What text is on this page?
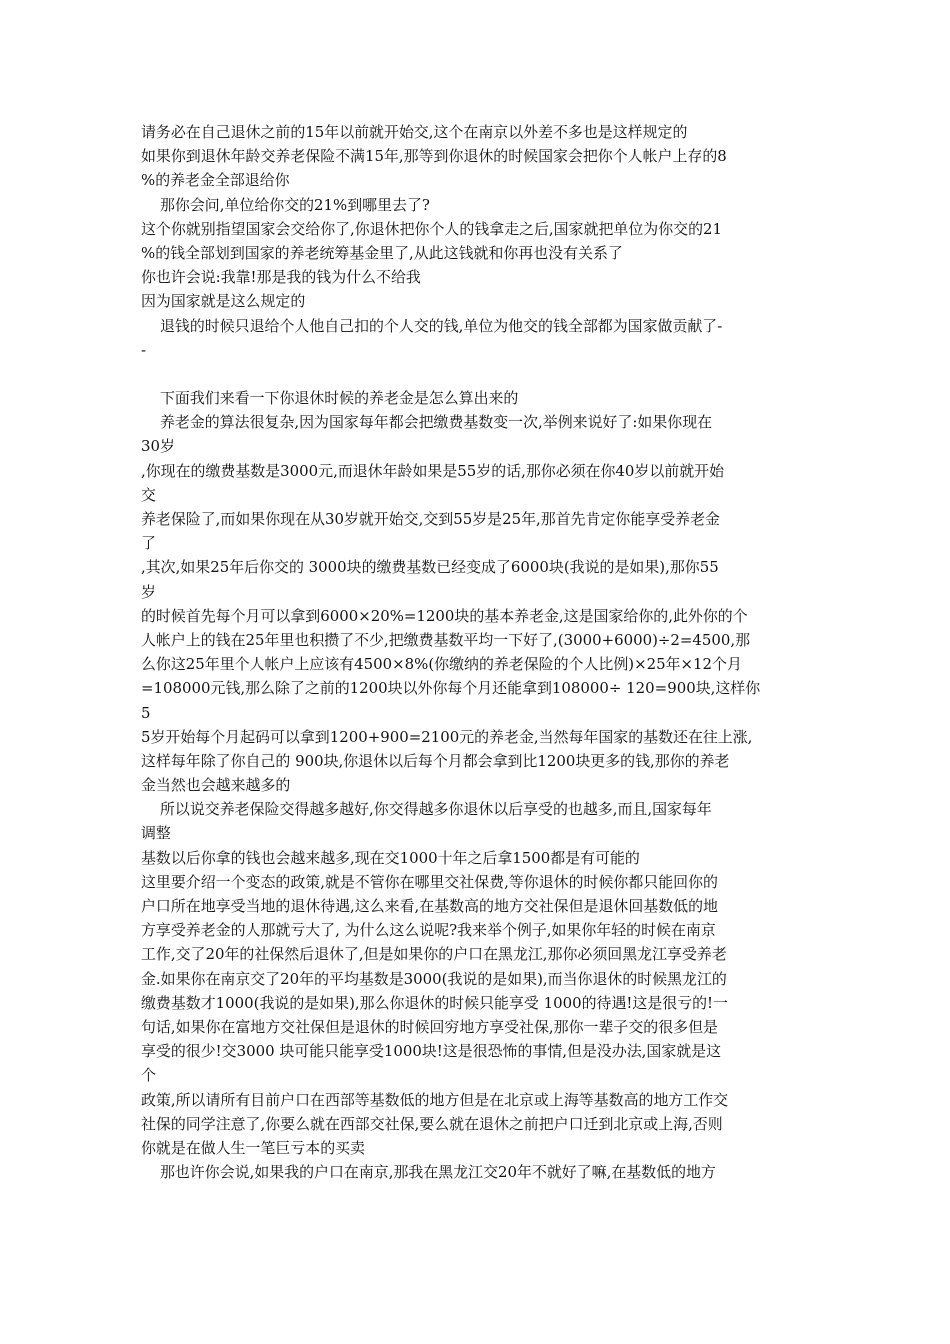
请务必在自己退休之前的15年以前就开始交,这个在南京以外差不多也是这样规定的
如果你到退休年龄交养老保险不满15年,那等到你退休的时候国家会把你个人帐户上存的8
%的养老金全部退给你
那你会问,单位给你交的21%到哪里去了?
这个你就别指望国家会交给你了,你退休把你个人的钱拿走之后,国家就把单位为你交的21
%的钱全部划到国家的养老统筹基金里了,从此这钱就和你再也没有关系了
你也许会说:我靠!那是我的钱为什么不给我
因为国家就是这么规定的
退钱的时候只退给个人他自己扣的个人交的钱,单位为他交的钱全部都为国家做贡献了-
-
下面我们来看一下你退休时候的养老金是怎么算出来的
养老金的算法很复杂,因为国家每年都会把缴费基数变一次,举例来说好了:如果你现在
30岁
,你现在的缴费基数是3000元,而退休年龄如果是55岁的话,那你必须在你40岁以前就开始
交
养老保险了,而如果你现在从30岁就开始交,交到55岁是25年,那首先肯定你能享受养老金
了
,其次,如果25年后你交的 3000块的缴费基数已经变成了6000块(我说的是如果),那你55
岁
的时候首先每个月可以拿到6000×20%=1200块的基本养老金,这是国家给你的,此外你的个
人帐户上的钱在25年里也积攒了不少,把缴费基数平均一下好了,(3000+6000)÷2=4500,那
么你这25年里个人帐户上应该有4500×8%(你缴纳的养老保险的个人比例)×25年×12个月
=108000元钱,那么除了之前的1200块以外你每个月还能拿到108000÷ 120=900块,这样你
5
5岁开始每个月起码可以拿到1200+900=2100元的养老金,当然每年国家的基数还在往上涨,
这样每年除了你自己的 900块,你退休以后每个月都会拿到比1200块更多的钱,那你的养老
金当然也会越来越多的
所以说交养老保险交得越多越好,你交得越多你退休以后享受的也越多,而且,国家每年
调整
基数以后你拿的钱也会越来越多,现在交1000十年之后拿1500都是有可能的
这里要介绍一个变态的政策,就是不管你在哪里交社保费,等你退休的时候你都只能回你的
户口所在地享受当地的退休待遇,这么来看,在基数高的地方交社保但是退休回基数低的地
方享受养老金的人那就亏大了, 为什么这么说呢?我来举个例子,如果你年轻的时候在南京
工作,交了20年的社保然后退休了,但是如果你的户口在黑龙江,那你必须回黑龙江享受养老
金.如果你在南京交了20年的平均基数是3000(我说的是如果),而当你退休的时候黑龙江的
缴费基数才1000(我说的是如果),那么你退休的时候只能享受 1000的待遇!这是很亏的!一
句话,如果你在富地方交社保但是退休的时候回穷地方享受社保,那你一辈子交的很多但是
享受的很少!交3000 块可能只能享受1000块!这是很恐怖的事情,但是没办法,国家就是这
个
政策,所以请所有目前户口在西部等基数低的地方但是在北京或上海等基数高的地方工作交
社保的同学注意了,你要么就在西部交社保,要么就在退休之前把户口迁到北京或上海,否则
你就是在做人生一笔巨亏本的买卖
那也许你会说,如果我的户口在南京,那我在黑龙江交20年不就好了嘛,在基数低的地方
